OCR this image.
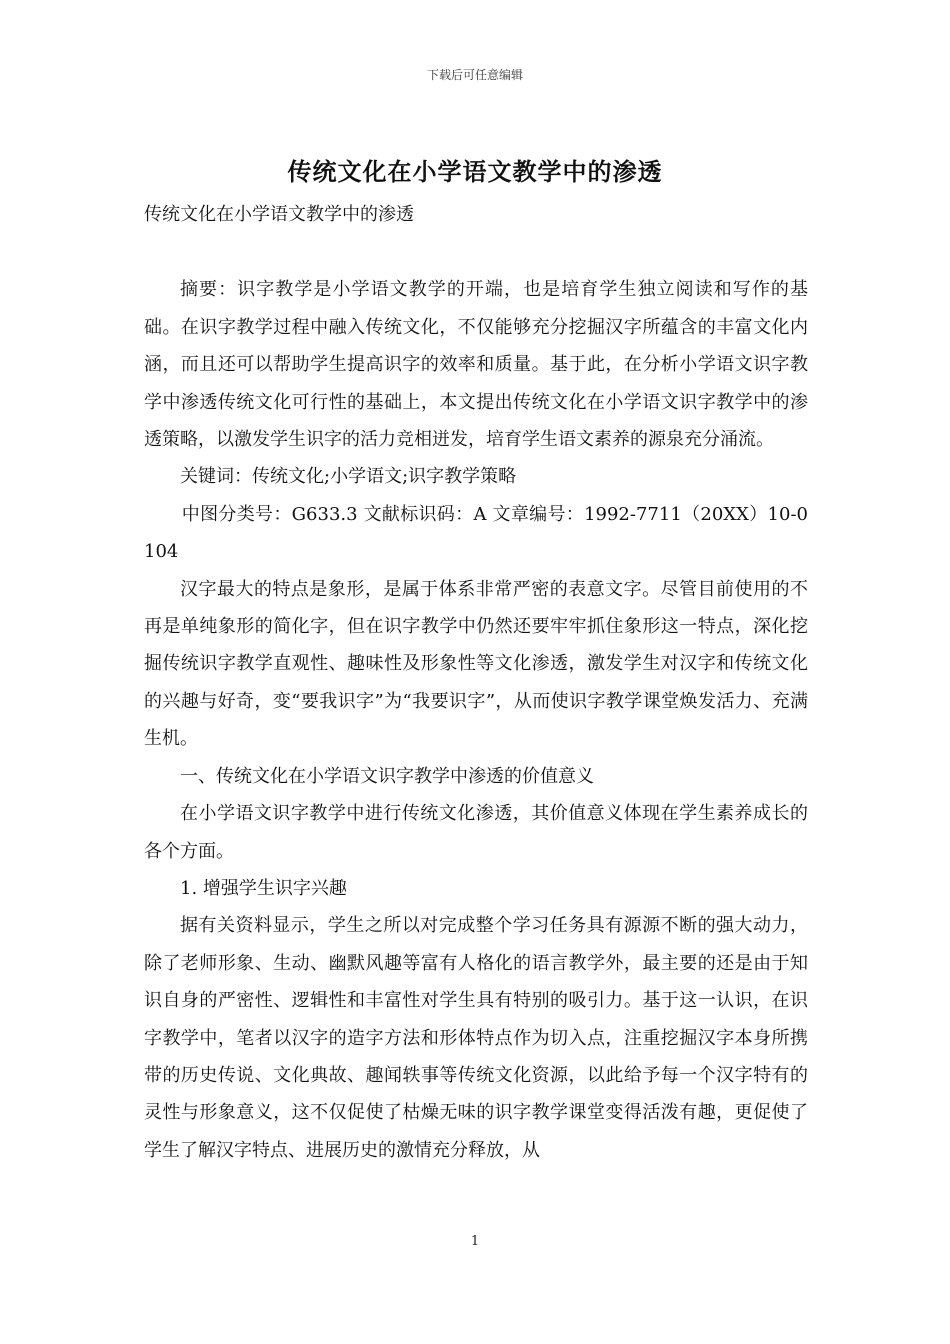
下载后可任意编辑
传统文化在小学语文教学中的渗透

传统文化在小学语文教学中的渗透

摘要：识字教学是小学语文教学的开端，也是培育学生独立阅读和写作的基础。在识字教学过程中融入传统文化，不仅能够充分挖掘汉字所蕴含的丰富文化内涵，而且还可以帮助学生提高识字的效率和质量。基于此，在分析小学语文识字教学中渗透传统文化可行性的基础上，本文提出传统文化在小学语文识字教学中的渗透策略，以激发学生识字的活力竞相迸发，培育学生语文素养的源泉充分涌流。

关键词：传统文化;小学语文;识字教学策略

中图分类号：G633.3 文献标识码：A 文章编号：1992-7711（20XX）10-0104

汉字最大的特点是象形，是属于体系非常严密的表意文字。尽管目前使用的不再是单纯象形的简化字，但在识字教学中仍然还要牢牢抓住象形这一特点，深化挖掘传统识字教学直观性、趣味性及形象性等文化渗透，激发学生对汉字和传统文化的兴趣与好奇，变“要我识字”为“我要识字”，从而使识字教学课堂焕发活力、充满生机。

一、传统文化在小学语文识字教学中渗透的价值意义

在小学语文识字教学中进行传统文化渗透，其价值意义体现在学生素养成长的各个方面。

1. 增强学生识字兴趣

据有关资料显示，学生之所以对完成整个学习任务具有源源不断的强大动力，除了老师形象、生动、幽默风趣等富有人格化的语言教学外，最主要的还是由于知识自身的严密性、逻辑性和丰富性对学生具有特别的吸引力。基于这一认识，在识字教学中，笔者以汉字的造字方法和形体特点作为切入点，注重挖掘汉字本身所携带的历史传说、文化典故、趣闻轶事等传统文化资源，以此给予每一个汉字特有的灵性与形象意义，这不仅促使了枯燥无味的识字教学课堂变得活泼有趣，更促使了学生了解汉字特点、进展历史的激情充分释放，从

1
